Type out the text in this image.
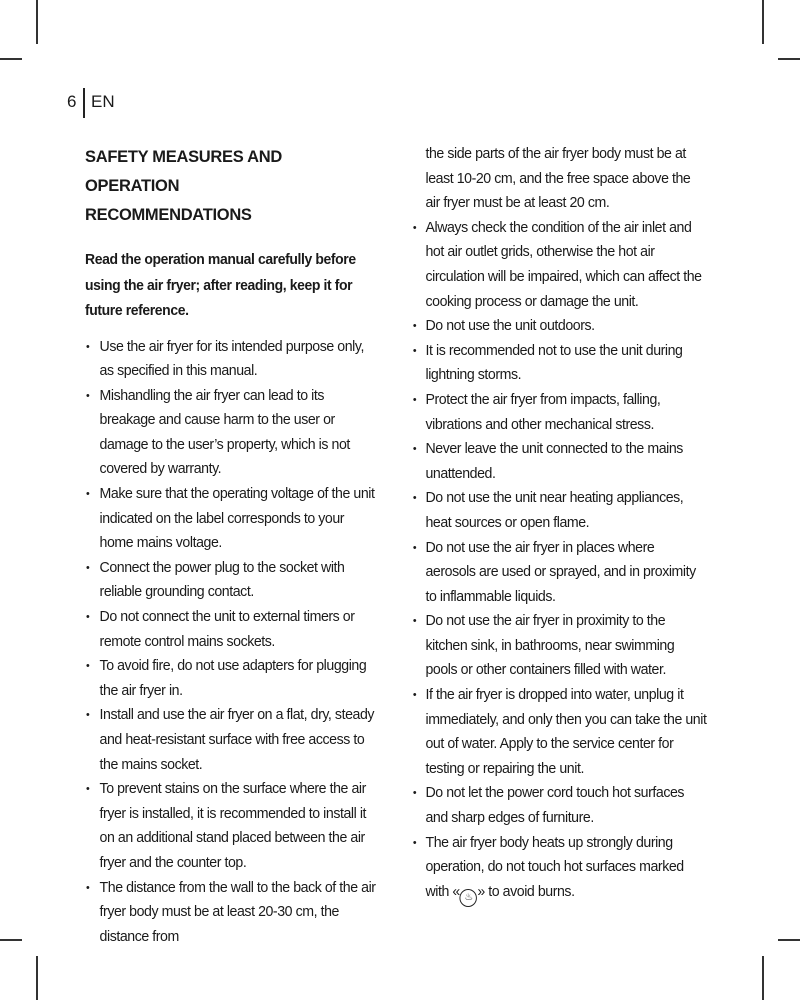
6 EN
SAFETY MEASURES AND OPERATION
RECOMMENDATIONS

Read the operation manual carefully before using the air fryer; after reading, keep it for future reference.

• Use the air fryer for its intended purpose only, as specified in this manual.
• Mishandling the air fryer can lead to its breakage and cause harm to the user or damage to the user’s property, which is not covered by warranty.
• Make sure that the operating voltage of the unit indicated on the label corresponds to your home mains voltage.
• Connect the power plug to the socket with reliable grounding contact.
• Do not connect the unit to external timers or remote control mains sockets.
• To avoid fire, do not use adapters for plugging the air fryer in.
• Install and use the air fryer on a flat, dry, steady and heat-resistant surface with free access to the mains socket.
• To prevent stains on the surface where the air fryer is installed, it is recommended to install it on an additional stand placed between the air fryer and the counter top.
• The distance from the wall to the back of the air fryer body must be at least 20-30 cm, the distance from

the side parts of the air fryer body must be at least 10-20 cm, and the free space above the air fryer must be at least 20 cm.

• Always check the condition of the air inlet and hot air outlet grids, otherwise the hot air circulation will be impaired, which can affect the cooking process or damage the unit.
• Do not use the unit outdoors.
• It is recommended not to use the unit during lightning storms.
• Protect the air fryer from impacts, falling, vibrations and other mechanical stress.
• Never leave the unit connected to the mains unattended.
• Do not use the unit near heating appliances, heat sources or open flame.
• Do not use the air fryer in places where aerosols are used or sprayed, and in proximity to inflammable liquids.
• Do not use the air fryer in proximity to the kitchen sink, in bathrooms, near swimming pools or other containers filled with water.
• If the air fryer is dropped into water, unplug it immediately, and only then you can take the unit out of water. Apply to the service center for testing or repairing the unit.
• Do not let the power cord touch hot surfaces and sharp edges of furniture.
• The air fryer body heats up strongly during operation, do not touch hot surfaces marked with « ♨ » to avoid burns.
